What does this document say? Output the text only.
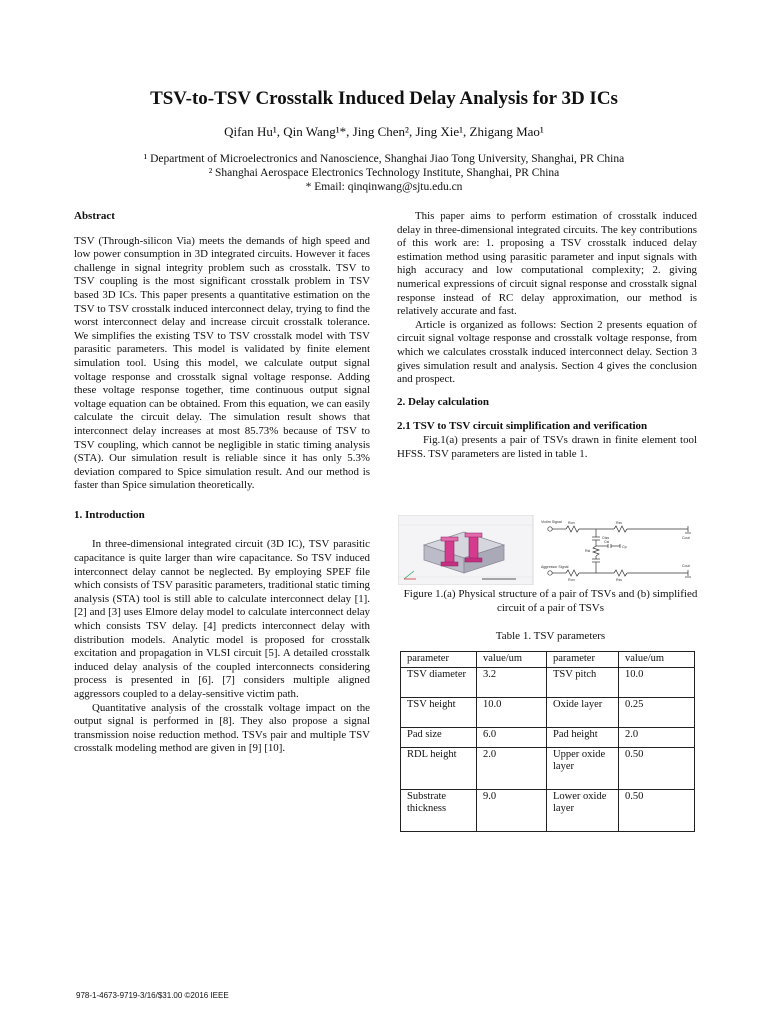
TSV-to-TSV Crosstalk Induced Delay Analysis for 3D ICs
Qifan Hu¹, Qin Wang¹*, Jing Chen², Jing Xie¹, Zhigang Mao¹
¹ Department of Microelectronics and Nanoscience, Shanghai Jiao Tong University, Shanghai, PR China
² Shanghai Aerospace Electronics Technology Institute, Shanghai, PR China
* Email: qinqinwang@sjtu.edu.cn

Abstract

TSV (Through-silicon Via) meets the demands of high speed and low power consumption in 3D integrated circuits. However it faces challenge in signal integrity problem such as crosstalk. TSV to TSV coupling is the most significant crosstalk problem in TSV based 3D ICs. This paper presents a quantitative estimation on the TSV to TSV crosstalk induced interconnect delay, trying to find the worst interconnect delay and increase circuit crosstalk tolerance. We simplifies the existing TSV to TSV crosstalk model with TSV parasitic parameters. This model is validated by finite element simulation tool. Using this model, we calculate output signal voltage response and crosstalk signal voltage response. Adding these voltage response together, time continuous output signal voltage equation can be obtained. From this equation, we can easily calculate the circuit delay. The simulation result shows that interconnect delay increases at most 85.73% because of TSV to TSV coupling, which cannot be negligible in static timing analysis (STA). Our simulation result is reliable since it has only 5.3% deviation compared to Spice simulation result. And our method is faster than Spice simulation theoretically.

1. Introduction

In three-dimensional integrated circuit (3D IC), TSV parasitic capacitance is quite larger than wire capacitance. So TSV induced interconnect delay cannot be neglected. By employing SPEF file which consists of TSV parasitic parameters, traditional static timing analysis (STA) tool is still able to calculate interconnect delay [1]. [2] and [3] uses Elmore delay model to calculate interconnect delay which consists TSV delay. [4] predicts interconnect delay with distribution models. Analytic model is proposed for crosstalk excitation and propagation in VLSI circuit [5]. A detailed crosstalk induced delay analysis of the coupled interconnects considering process is presented in [6]. [7] considers multiple aligned aggressors coupled to a delay-sensitive victim path.

Quantitative analysis of the crosstalk voltage impact on the output signal is performed in [8]. They also propose a signal transmission noise reduction method. TSVs pair and multiple TSV crosstalk modeling method are given in [9] [10].

This paper aims to perform estimation of crosstalk induced delay in three-dimensional integrated circuits. The key contributions of this work are: 1. proposing a TSV crosstalk induced delay estimation method using parasitic parameter and input signals with high accuracy and low computational complexity; 2. giving numerical expressions of circuit signal response and crosstalk signal response instead of RC delay approximation, our method is relatively accurate and fast.

Article is organized as follows: Section 2 presents equation of circuit signal voltage response and crosstalk voltage response, from which we calculates crosstalk induced interconnect delay. Section 3 gives simulation result and analysis. Section 4 gives the conclusion and prospect.

2. Delay calculation

2.1 TSV to TSV circuit simplification and verification

Fig.1(a) presents a pair of TSVs drawn in finite element tool HFSS. TSV parameters are listed in table 1.

Victim Signal
Aggressor Signal
Ron	Rsv
Ron	Rsv
Ctsv
Rsi
Csi
Cp
Cout
Cout
Figure 1.(a) Physical structure of a pair of TSVs and (b) simplified circuit of a pair of TSVs
Table 1. TSV parameters
parameter	value/um	parameter	value/um
TSV diameter	3.2	TSV pitch	10.0
TSV height	10.0	Oxide layer	0.25
Pad size	6.0	Pad height	2.0
RDL height	2.0	Upper oxide layer	0.50
Substrate thickness	9.0	Lower oxide layer	0.50
978-1-4673-9719-3/16/$31.00 ©2016 IEEE
